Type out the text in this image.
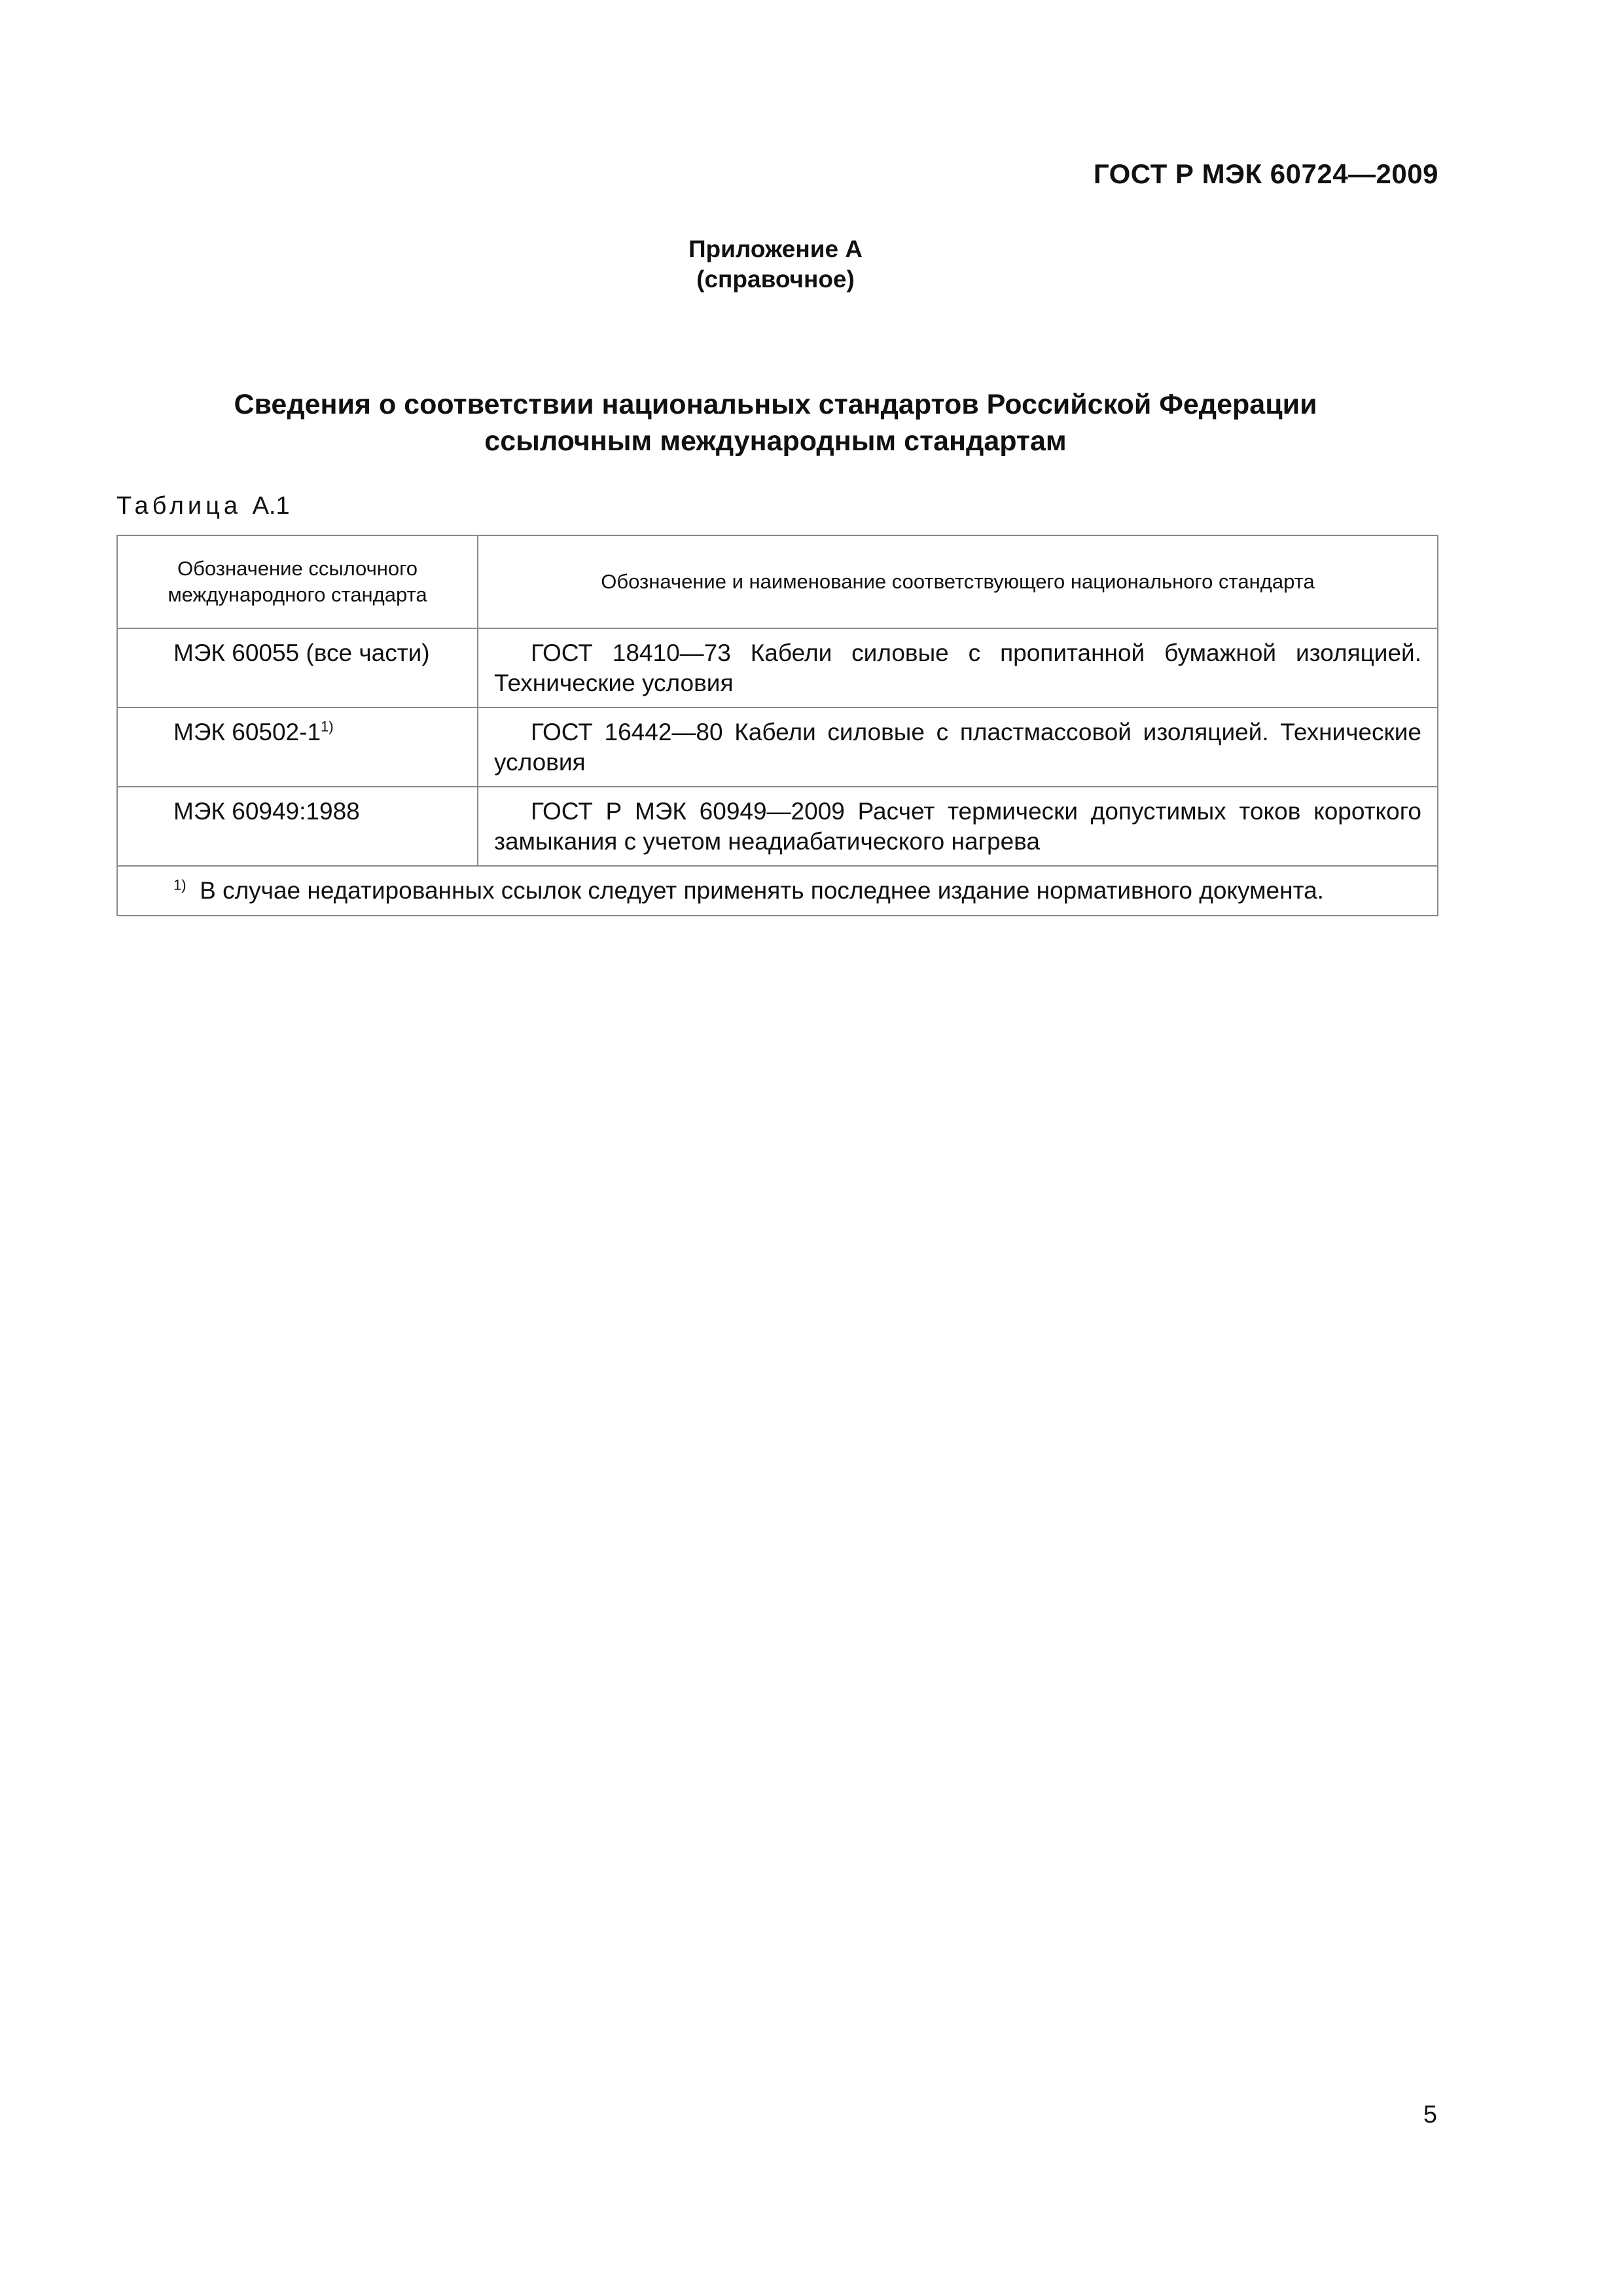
ГОСТ Р МЭК 60724—2009
Приложение А
(справочное)
Сведения о соответствии национальных стандартов Российской Федерации
ссылочным международным стандартам
Таблица А.1
Обозначение ссылочного международного стандарта	Обозначение и наименование соответствующего национального стандарта
МЭК 60055 (все части)	ГОСТ 18410—73 Кабели силовые с пропитанной бумажной изоляцией. Технические условия
МЭК 60502-1$^{1)}$	ГОСТ 16442—80 Кабели силовые с пластмассовой изоляцией. Технические условия
МЭК 60949:1988	ГОСТ Р МЭК 60949—2009 Расчет термически допустимых токов короткого замыкания с учетом неадиабатического нагрева
$^{1)}$ В случае недатированных ссылок следует применять последнее издание нормативного документа.	
5
